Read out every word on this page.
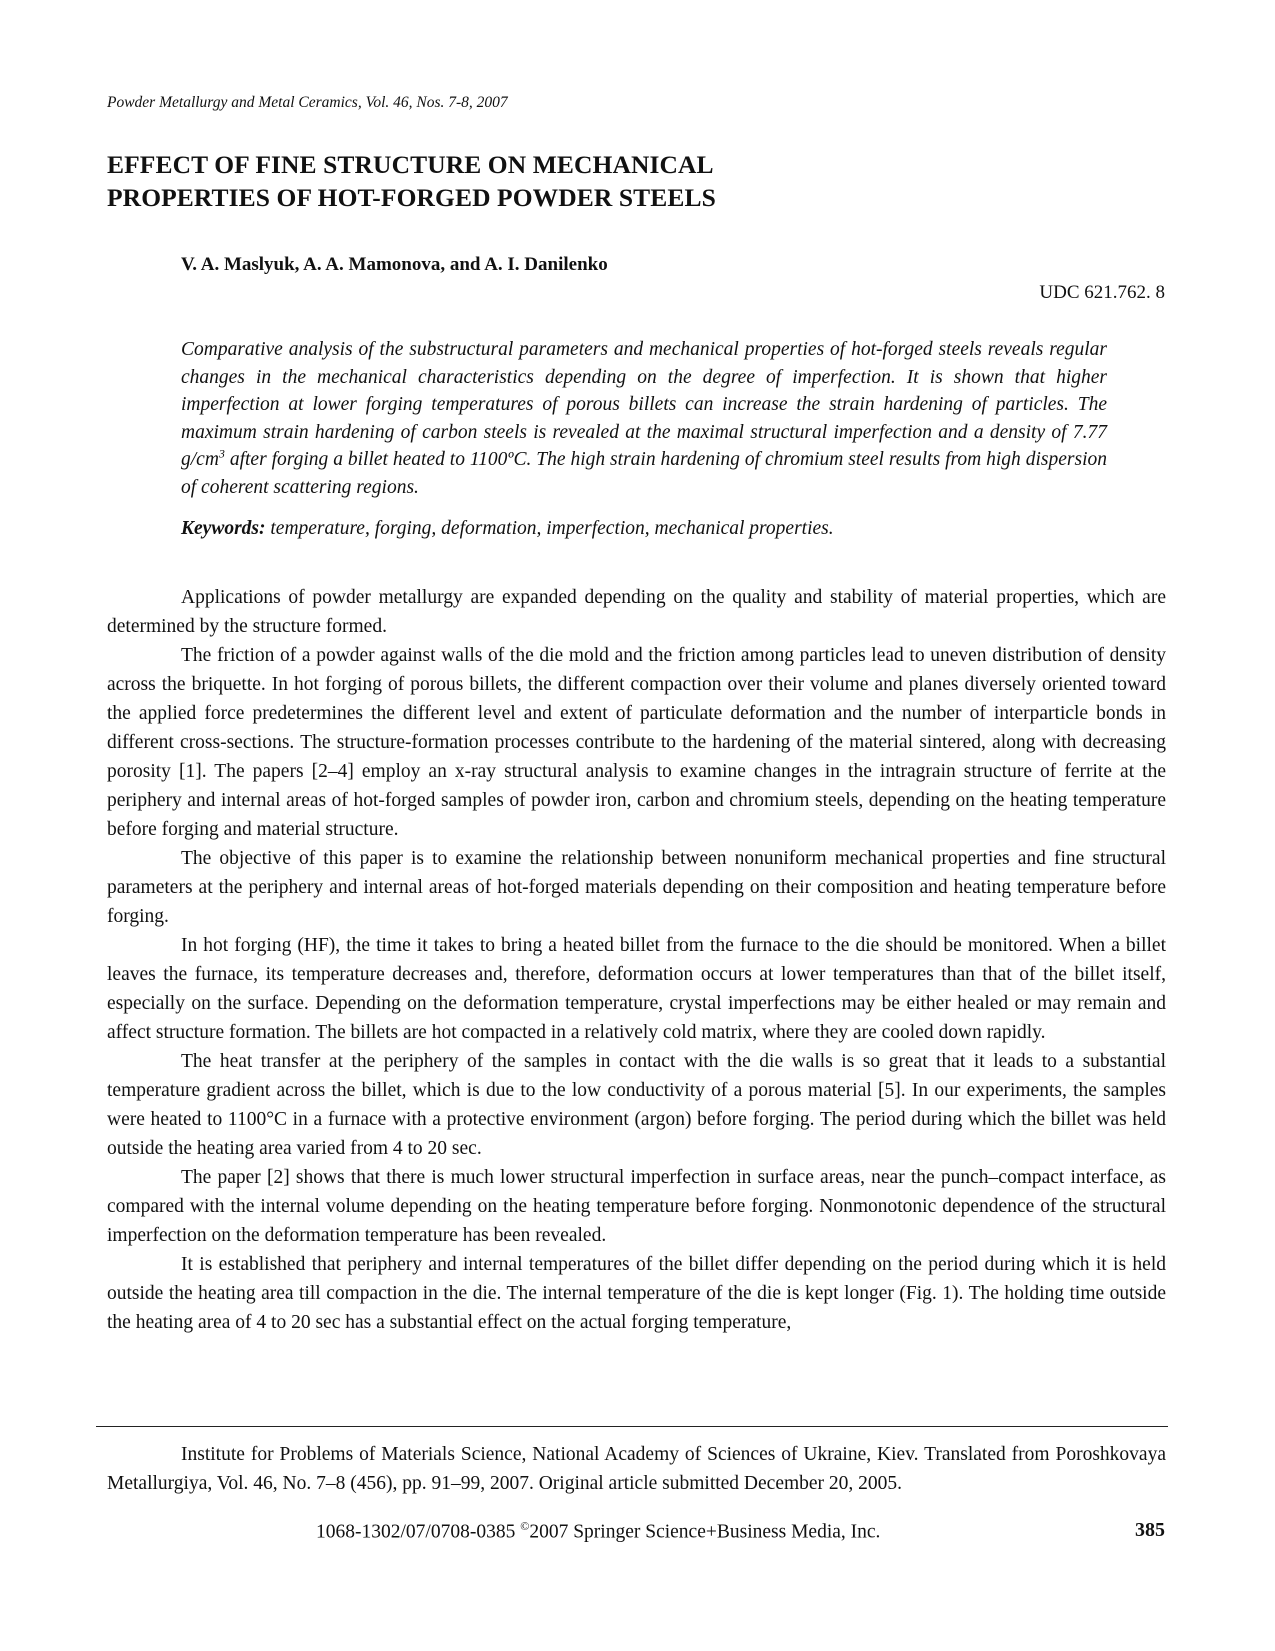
Powder Metallurgy and Metal Ceramics, Vol. 46, Nos. 7-8, 2007
EFFECT OF FINE STRUCTURE ON MECHANICAL
PROPERTIES OF HOT-FORGED POWDER STEELS
V. A. Maslyuk, A. A. Mamonova, and A. I. Danilenko
UDC 621.762. 8

Comparative analysis of the substructural parameters and mechanical properties of hot-forged steels reveals regular changes in the mechanical characteristics depending on the degree of imperfection. It is shown that higher imperfection at lower forging temperatures of porous billets can increase the strain hardening of particles. The maximum strain hardening of carbon steels is revealed at the maximal structural imperfection and a density of 7.77 $g/cm^3$ after forging a billet heated to 1100ºC. The high strain hardening of chromium steel results from high dispersion of coherent scattering regions.

Keywords: temperature, forging, deformation, imperfection, mechanical properties.

Applications of powder metallurgy are expanded depending on the quality and stability of material properties, which are determined by the structure formed.

The friction of a powder against walls of the die mold and the friction among particles lead to uneven distribution of density across the briquette. In hot forging of porous billets, the different compaction over their volume and planes diversely oriented toward the applied force predetermines the different level and extent of particulate deformation and the number of interparticle bonds in different cross-sections. The structure-formation processes contribute to the hardening of the material sintered, along with decreasing porosity [1]. The papers [2–4] employ an x-ray structural analysis to examine changes in the intragrain structure of ferrite at the periphery and internal areas of hot-forged samples of powder iron, carbon and chromium steels, depending on the heating temperature before forging and material structure.

The objective of this paper is to examine the relationship between nonuniform mechanical properties and fine structural parameters at the periphery and internal areas of hot-forged materials depending on their composition and heating temperature before forging.

In hot forging (HF), the time it takes to bring a heated billet from the furnace to the die should be monitored. When a billet leaves the furnace, its temperature decreases and, therefore, deformation occurs at lower temperatures than that of the billet itself, especially on the surface. Depending on the deformation temperature, crystal imperfections may be either healed or may remain and affect structure formation. The billets are hot compacted in a relatively cold matrix, where they are cooled down rapidly.

The heat transfer at the periphery of the samples in contact with the die walls is so great that it leads to a substantial temperature gradient across the billet, which is due to the low conductivity of a porous material [5]. In our experiments, the samples were heated to 1100°C in a furnace with a protective environment (argon) before forging. The period during which the billet was held outside the heating area varied from 4 to 20 sec.

The paper [2] shows that there is much lower structural imperfection in surface areas, near the punch–compact interface, as compared with the internal volume depending on the heating temperature before forging. Nonmonotonic dependence of the structural imperfection on the deformation temperature has been revealed.

It is established that periphery and internal temperatures of the billet differ depending on the period during which it is held outside the heating area till compaction in the die. The internal temperature of the die is kept longer (Fig. 1). The holding time outside the heating area of 4 to 20 sec has a substantial effect on the actual forging temperature,

Institute for Problems of Materials Science, National Academy of Sciences of Ukraine, Kiev. Translated from Poroshkovaya Metallurgiya, Vol. 46, No. 7–8 (456), pp. 91–99, 2007. Original article submitted December 20, 2005.

1068-1302/07/0708-0385 ©2007 Springer Science+Business Media, Inc.	385
